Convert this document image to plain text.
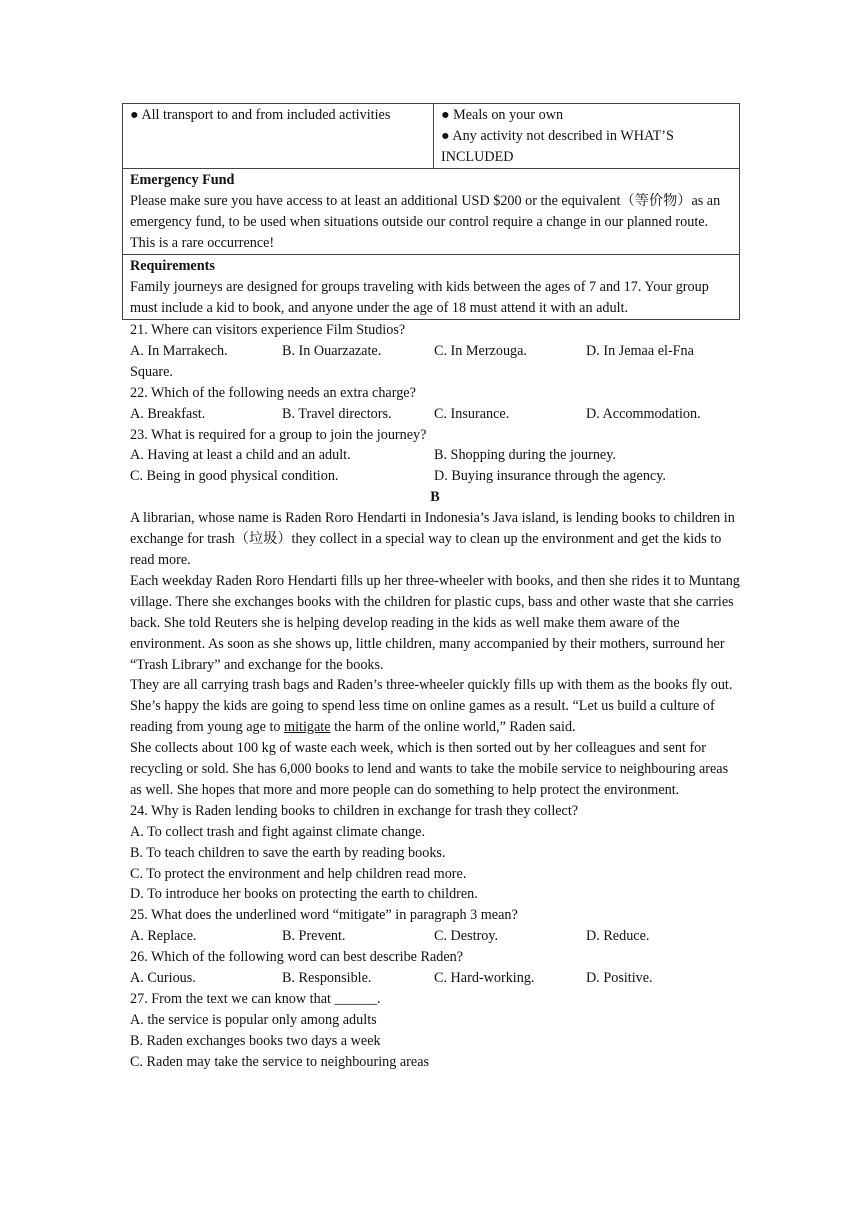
● All transport to and from included activities	● Meals on your own
● Any activity not described in WHAT’S INCLUDED
Emergency Fund
Please make sure you have access to at least an additional USD $200 or the equivalent（等价物）as an emergency fund, to be used when situations outside our control require a change in our planned route. This is a rare occurrence!
Requirements
Family journeys are designed for groups traveling with kids between the ages of 7 and 17. Your group must include a kid to book, and anyone under the age of 18 must attend it with an adult.
21. Where can visitors experience Film Studios?
A. In Marrakech.	B. In Ouarzazate.	C. In Merzouga.	D. In Jemaa el-Fna
Square.
22. Which of the following needs an extra charge?
A. Breakfast.	B. Travel directors.	C. Insurance.	D. Accommodation.
23. What is required for a group to join the journey?
A. Having at least a child and an adult.	B. Shopping during the journey.
C. Being in good physical condition.	D. Buying insurance through the agency.
B
A librarian, whose name is Raden Roro Hendarti in Indonesia’s Java island, is lending books to children in exchange for trash（垃圾）they collect in a special way to clean up the environment and get the kids to read more.
Each weekday Raden Roro Hendarti fills up her three-wheeler with books, and then she rides it to Muntang village. There she exchanges books with the children for plastic cups, bass and other waste that she carries back. She told Reuters she is helping develop reading in the kids as well make them aware of the environment. As soon as she shows up, little children, many accompanied by their mothers, surround her “Trash Library” and exchange for the books.
They are all carrying trash bags and Raden’s three-wheeler quickly fills up with them as the books fly out. She’s happy the kids are going to spend less time on online games as a result. “Let us build a culture of reading from young age to mitigate the harm of the online world,” Raden said.
She collects about 100 kg of waste each week, which is then sorted out by her colleagues and sent for recycling or sold. She has 6,000 books to lend and wants to take the mobile service to neighbouring areas as well. She hopes that more and more people can do something to help protect the environment.
24. Why is Raden lending books to children in exchange for trash they collect?
A. To collect trash and fight against climate change.
B. To teach children to save the earth by reading books.
C. To protect the environment and help children read more.
D. To introduce her books on protecting the earth to children.
25. What does the underlined word “mitigate” in paragraph 3 mean?
A. Replace.	B. Prevent.	C. Destroy.	D. Reduce.
26. Which of the following word can best describe Raden?
A. Curious.	B. Responsible.	C. Hard-working.	D. Positive.
27. From the text we can know that ______.
A. the service is popular only among adults
B. Raden exchanges books two days a week
C. Raden may take the service to neighbouring areas
